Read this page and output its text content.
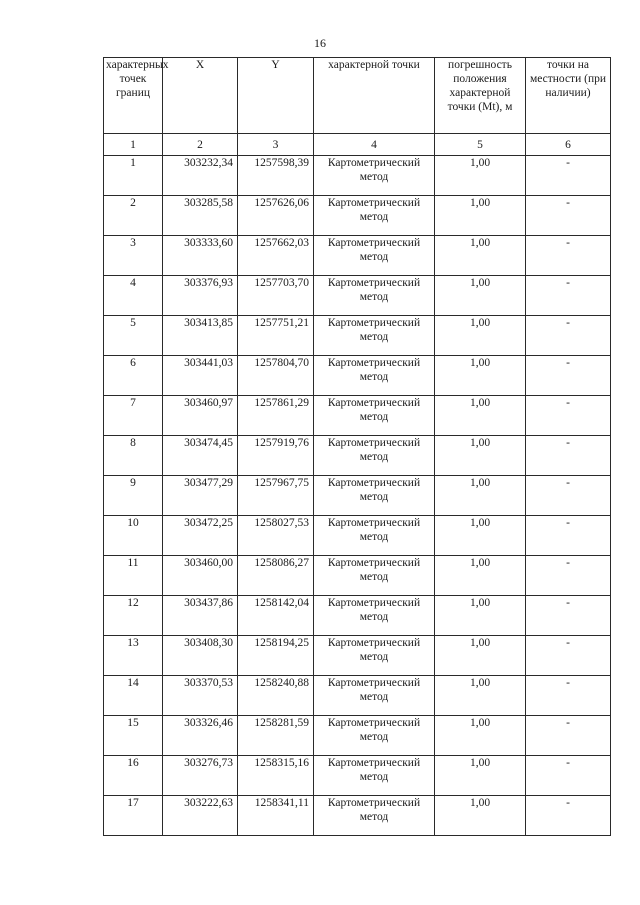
16
характерных точек границ	X	Y	характерной точки	погрешность положения характерной точки (Mt), м	точки на местности (при наличии)
1	2	3	4	5	6
1	303232,34	1257598,39	Картометрический метод	1,00	-
2	303285,58	1257626,06	Картометрический метод	1,00	-
3	303333,60	1257662,03	Картометрический метод	1,00	-
4	303376,93	1257703,70	Картометрический метод	1,00	-
5	303413,85	1257751,21	Картометрический метод	1,00	-
6	303441,03	1257804,70	Картометрический метод	1,00	-
7	303460,97	1257861,29	Картометрический метод	1,00	-
8	303474,45	1257919,76	Картометрический метод	1,00	-
9	303477,29	1257967,75	Картометрический метод	1,00	-
10	303472,25	1258027,53	Картометрический метод	1,00	-
11	303460,00	1258086,27	Картометрический метод	1,00	-
12	303437,86	1258142,04	Картометрический метод	1,00	-
13	303408,30	1258194,25	Картометрический метод	1,00	-
14	303370,53	1258240,88	Картометрический метод	1,00	-
15	303326,46	1258281,59	Картометрический метод	1,00	-
16	303276,73	1258315,16	Картометрический метод	1,00	-
17	303222,63	1258341,11	Картометрический метод	1,00	-
